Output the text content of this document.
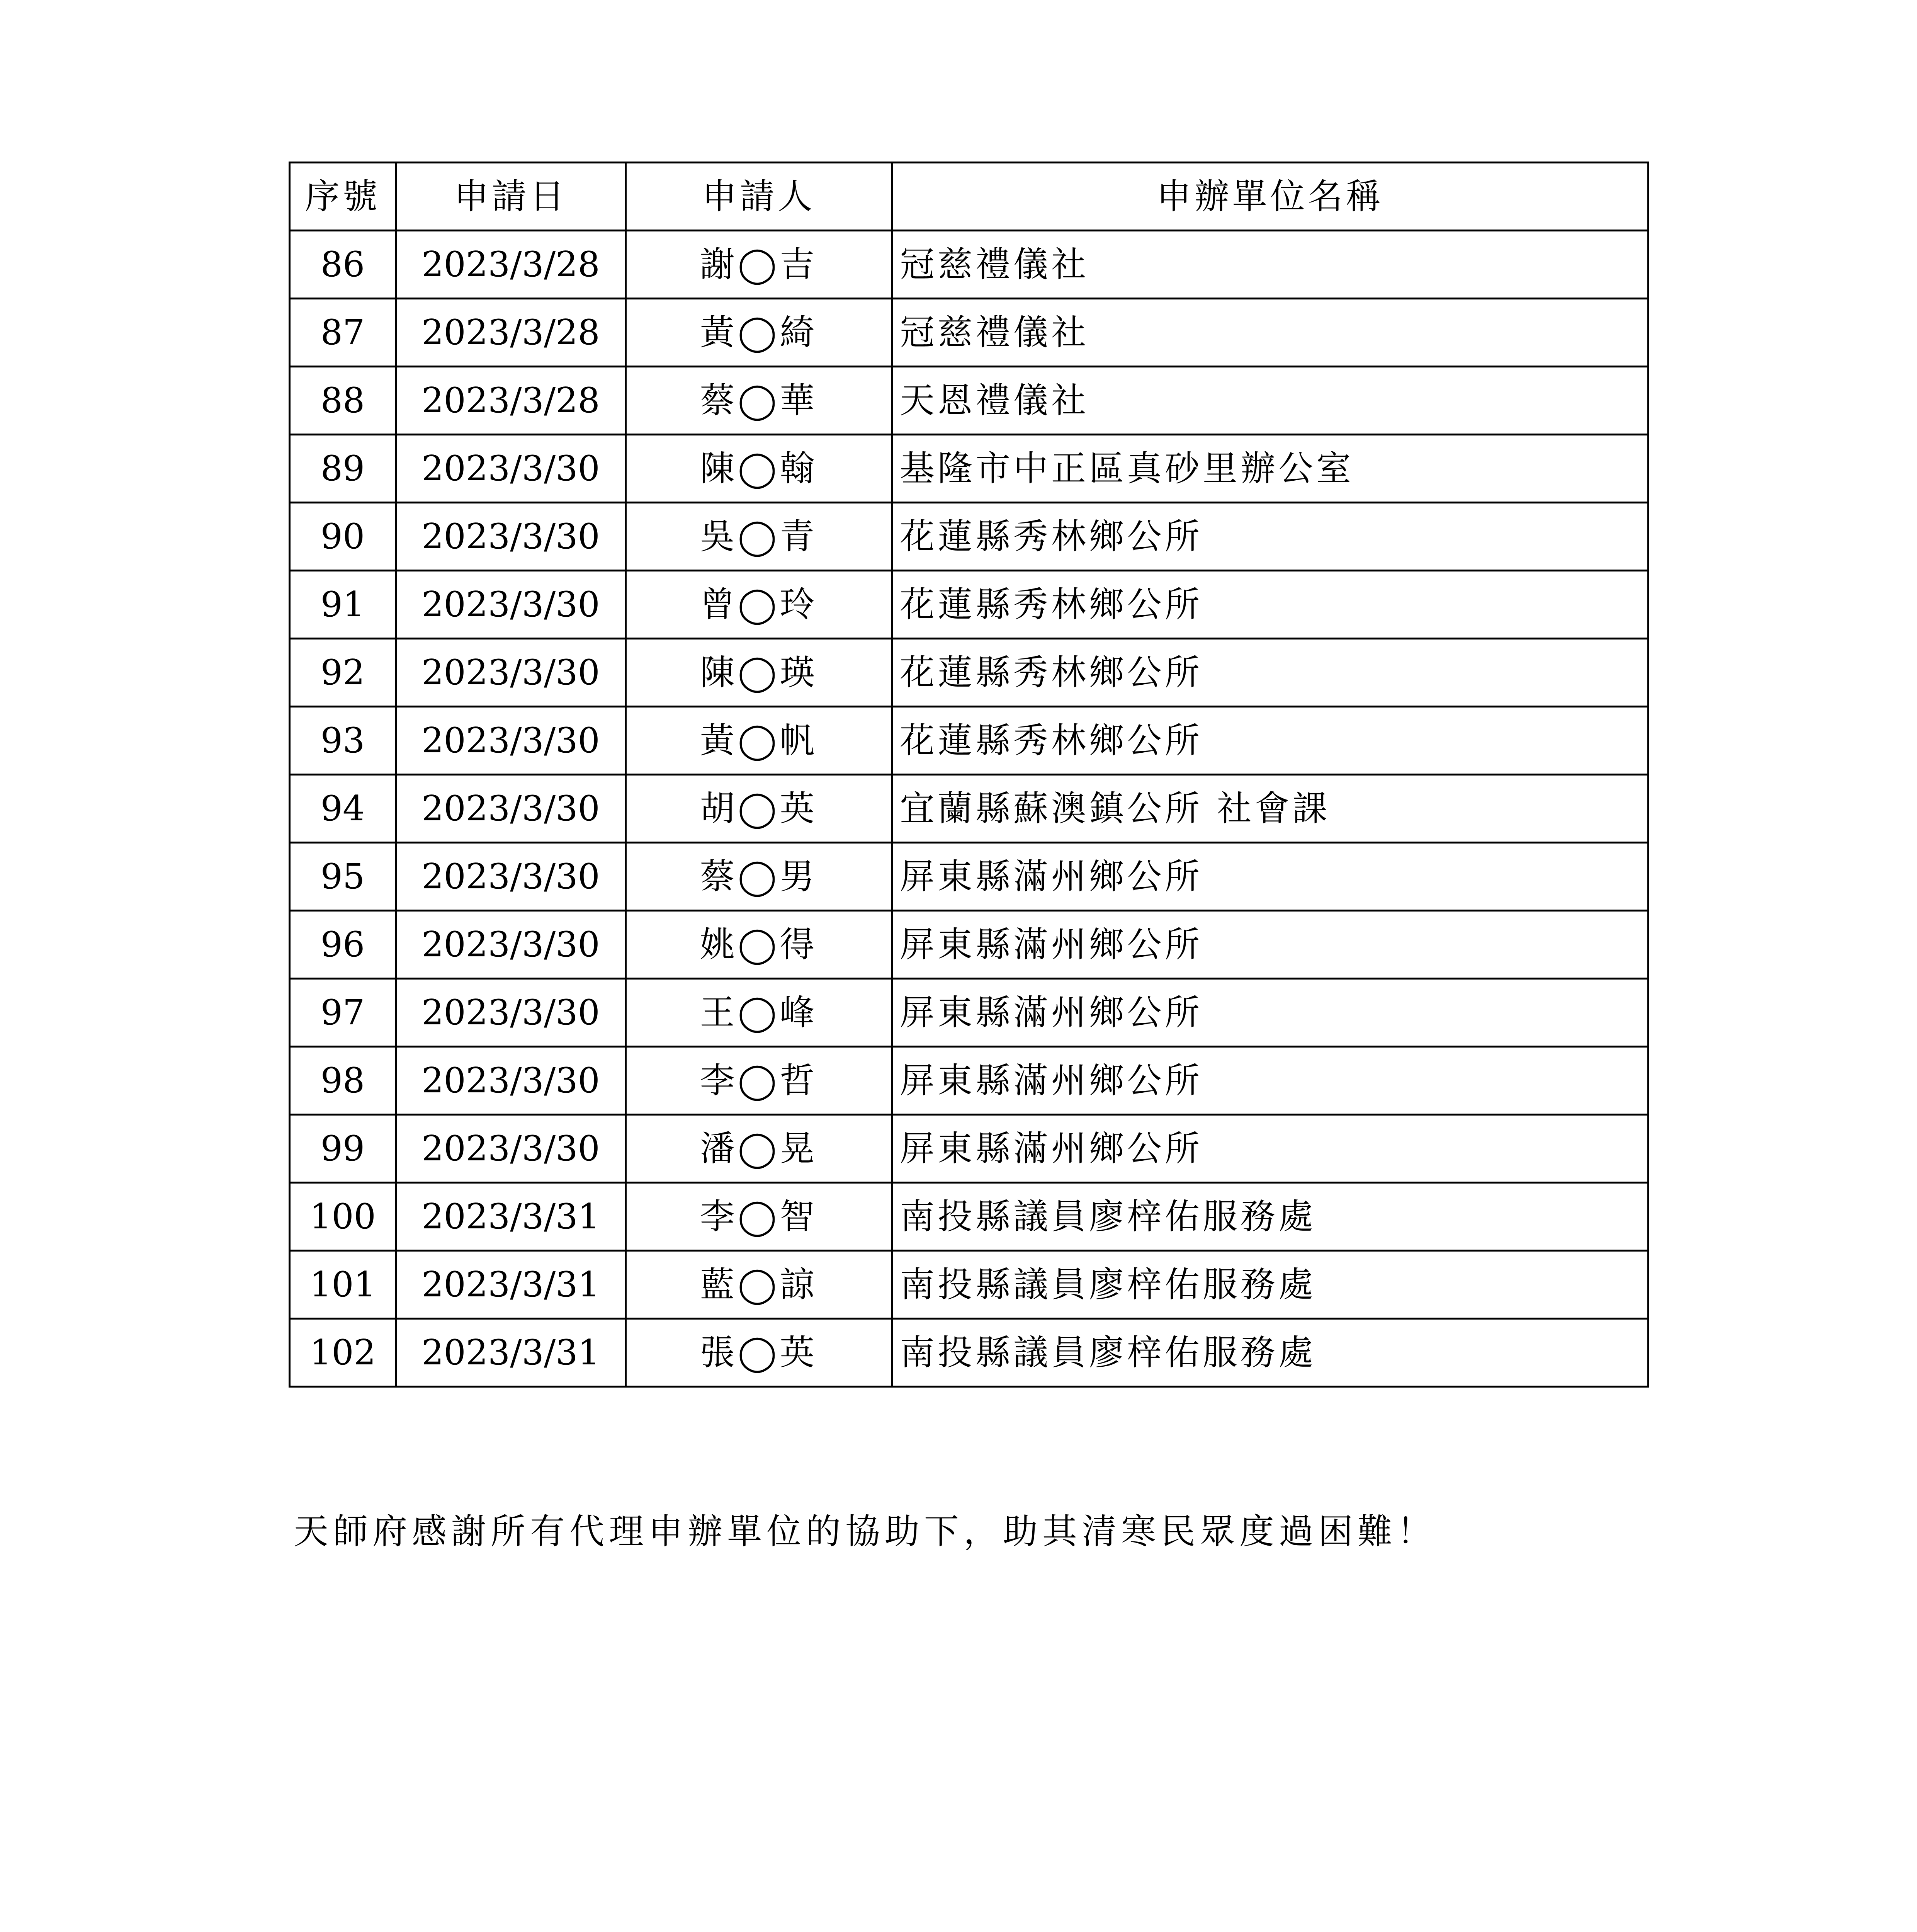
序號	申請日	申請人	申辦單位名稱
86	2023/3/28	謝◯吉	冠慈禮儀社
87	2023/3/28	黃◯綺	冠慈禮儀社
88	2023/3/28	蔡◯華	天恩禮儀社
89	2023/3/30	陳◯翰	基隆市中正區真砂里辦公室
90	2023/3/30	吳◯青	花蓮縣秀林鄉公所
91	2023/3/30	曾◯玲	花蓮縣秀林鄉公所
92	2023/3/30	陳◯瑛	花蓮縣秀林鄉公所
93	2023/3/30	黃◯帆	花蓮縣秀林鄉公所
94	2023/3/30	胡◯英	宜蘭縣蘇澳鎮公所 社會課
95	2023/3/30	蔡◯男	屏東縣滿州鄉公所
96	2023/3/30	姚◯得	屏東縣滿州鄉公所
97	2023/3/30	王◯峰	屏東縣滿州鄉公所
98	2023/3/30	李◯哲	屏東縣滿州鄉公所
99	2023/3/30	潘◯晃	屏東縣滿州鄉公所
100	2023/3/31	李◯智	南投縣議員廖梓佑服務處
101	2023/3/31	藍◯諒	南投縣議員廖梓佑服務處
102	2023/3/31	張◯英	南投縣議員廖梓佑服務處
天師府感謝所有代理申辦單位的協助下，助其清寒民眾度過困難！
